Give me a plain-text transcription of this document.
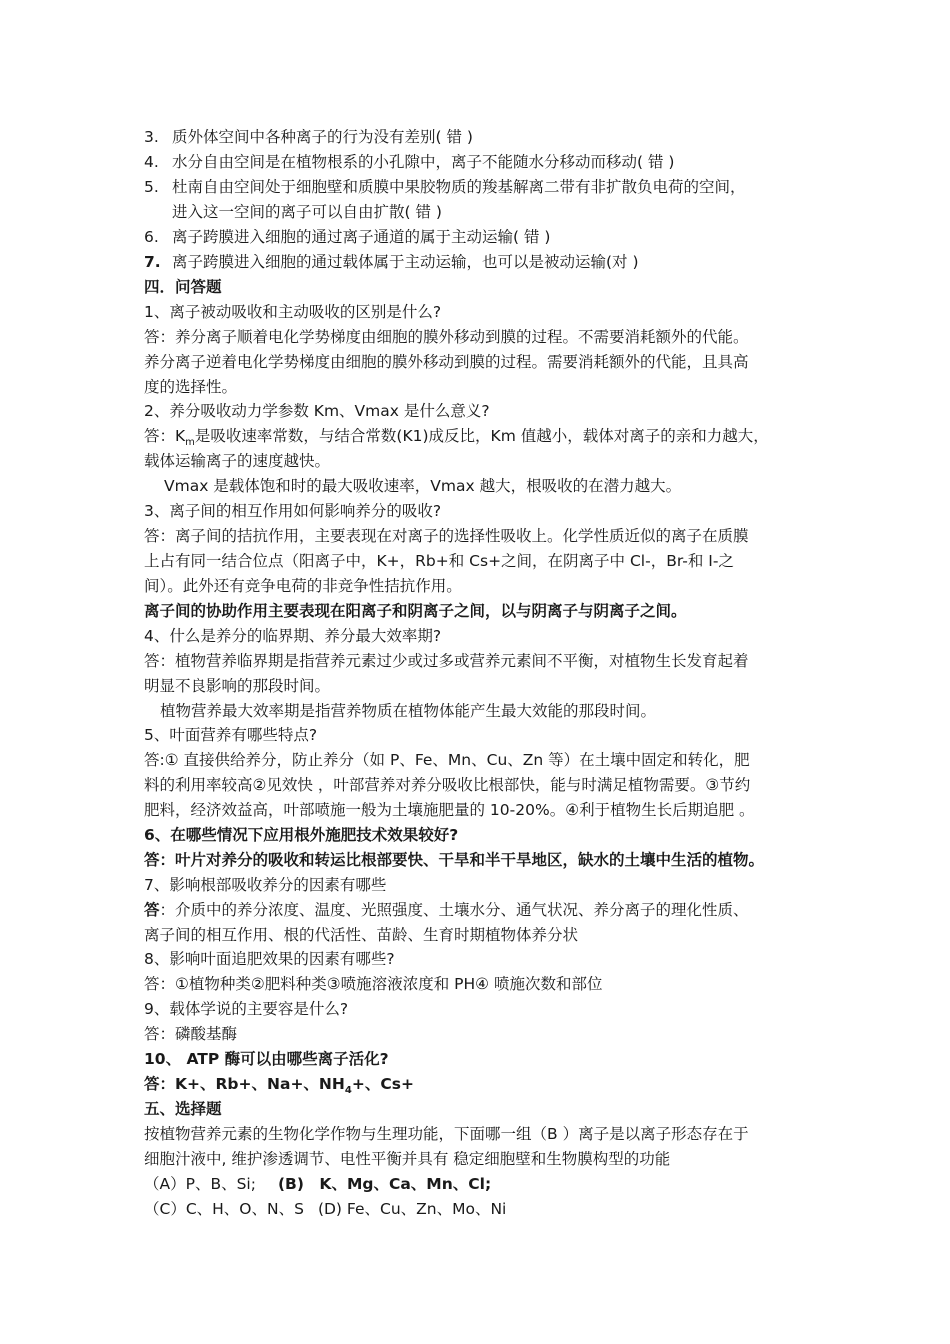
3. 质外体空间中各种离子的行为没有差别( 错 )
4. 水分自由空间是在植物根系的小孔隙中，离子不能随水分移动而移动( 错 )
5. 杜南自由空间处于细胞壁和质膜中果胶物质的羧基解离二带有非扩散负电荷的空间，
进入这一空间的离子可以自由扩散( 错 )
6. 离子跨膜进入细胞的通过离子通道的属于主动运输( 错 )
7. 离子跨膜进入细胞的通过载体属于主动运输，也可以是被动运输(对 )
四．问答题
1、离子被动吸收和主动吸收的区别是什么?
答：养分离子顺着电化学势梯度由细胞的膜外移动到膜的过程。不需要消耗额外的代能。
养分离子逆着电化学势梯度由细胞的膜外移动到膜的过程。需要消耗额外的代能，且具高
度的选择性。
2、养分吸收动力学参数 Km、Vmax 是什么意义?
答：$K_m$是吸收速率常数，与结合常数(K1)成反比，Km 值越小，载体对离子的亲和力越大，
载体运输离子的速度越快。
Vmax 是载体饱和时的最大吸收速率，Vmax 越大，根吸收的在潜力越大。
3、离子间的相互作用如何影响养分的吸收?
答：离子间的拮抗作用，主要表现在对离子的选择性吸收上。化学性质近似的离子在质膜
上占有同一结合位点（阳离子中，K+，Rb+和 Cs+之间，在阴离子中 Cl-，Br-和 I-之
间）。此外还有竞争电荷的非竞争性拮抗作用。
离子间的协助作用主要表现在阳离子和阴离子之间，以与阴离子与阴离子之间。
4、什么是养分的临界期、养分最大效率期?
答：植物营养临界期是指营养元素过少或过多或营养元素间不平衡，对植物生长发育起着
明显不良影响的那段时间。
植物营养最大效率期是指营养物质在植物体能产生最大效能的那段时间。
5、叶面营养有哪些特点?
答:① 直接供给养分，防止养分（如 P、Fe、Mn、Cu、Zn 等）在土壤中固定和转化，肥
料的利用率较高②见效快 ，叶部营养对养分吸收比根部快，能与时满足植物需要。③节约
肥料，经济效益高，叶部喷施一般为土壤施肥量的 10-20%。④利于植物生长后期追肥 。
6、在哪些情况下应用根外施肥技术效果较好?
答：叶片对养分的吸收和转运比根部要快、干旱和半干旱地区，缺水的土壤中生活的植物。
7、影响根部吸收养分的因素有哪些
答：介质中的养分浓度、温度、光照强度、土壤水分、通气状况、养分离子的理化性质、
离子间的相互作用、根的代活性、苗龄、生育时期植物体养分状
8、影响叶面追肥效果的因素有哪些?
答：①植物种类②肥料种类③喷施溶液浓度和 PH④ 喷施次数和部位
9、载体学说的主要容是什么?
答：磷酸基酶
10、 ATP 酶可以由哪些离子活化?
答：K+、Rb+、Na+、$NH_4+$、Cs+
五、选择题
按植物营养元素的生物化学作物与生理功能，下面哪一组（B ）离子是以离子形态存在于
细胞汁液中, 维护渗透调节、电性平衡并具有 稳定细胞壁和生物膜构型的功能
（A）P、B、Si; (B)　K、Mg、Ca、Mn、Cl;
（C）C、H、O、N、S (D) Fe、Cu、Zn、Mo、Ni
